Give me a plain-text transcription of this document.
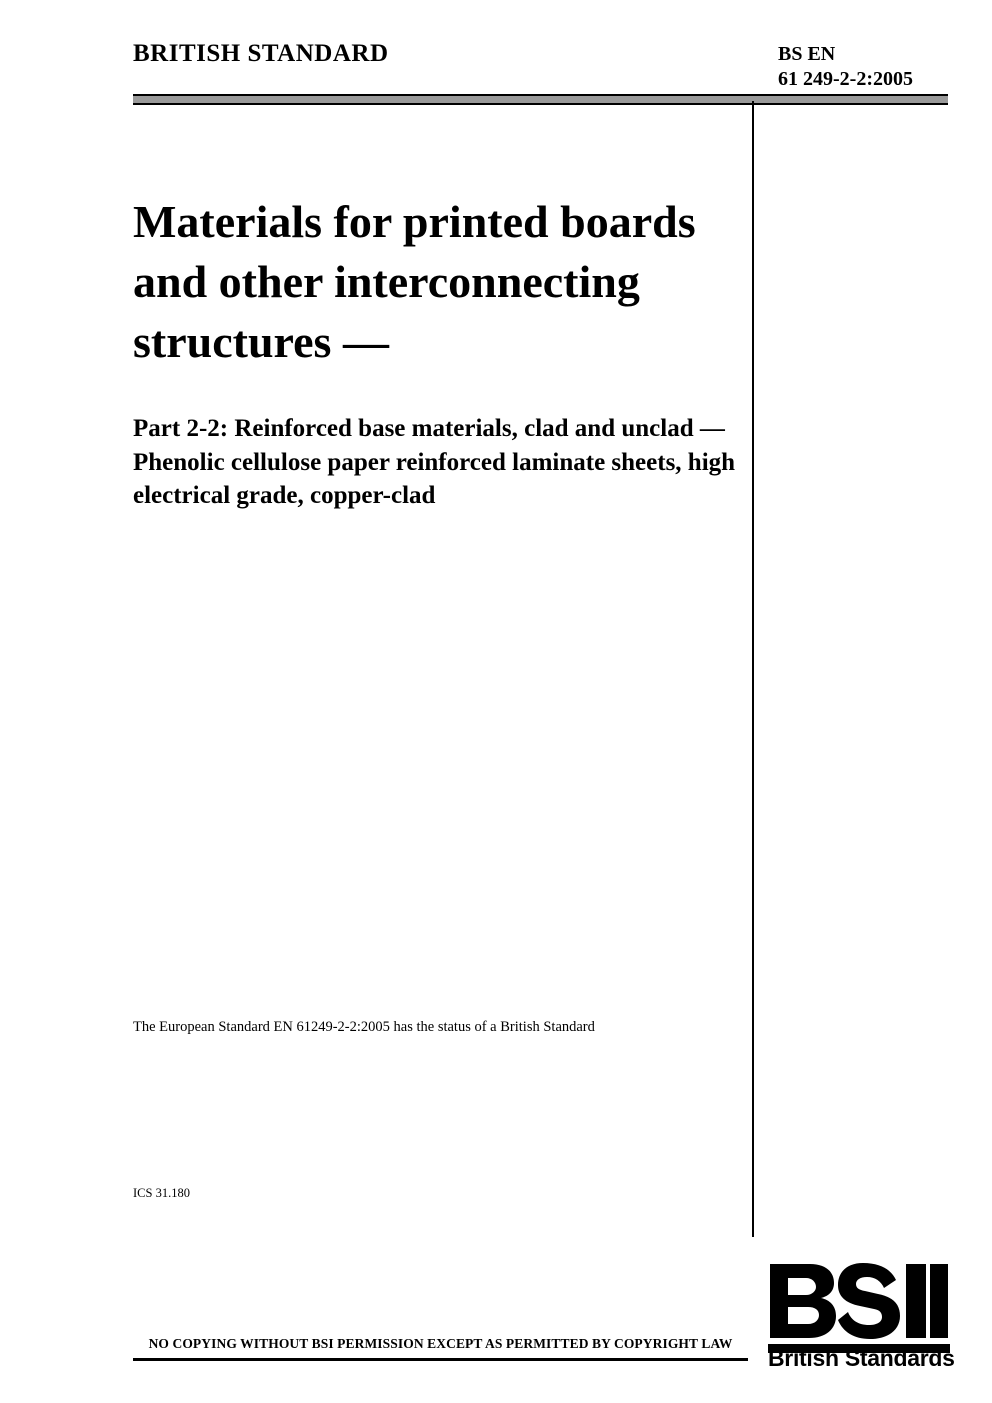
BRITISH STANDARD	BS EN
61 249-2-2:2005
Materials for printed boards and other interconnecting structures —
Part 2-2: Reinforced base materials, clad and unclad — Phenolic cellulose paper reinforced laminate sheets, high electrical grade, copper-clad
The European Standard EN 61249-2-2:2005 has the status of a British Standard
ICS 31.180
NO COPYING WITHOUT BSI PERMISSION EXCEPT AS PERMITTED BY COPYRIGHT LAW
British Standards
